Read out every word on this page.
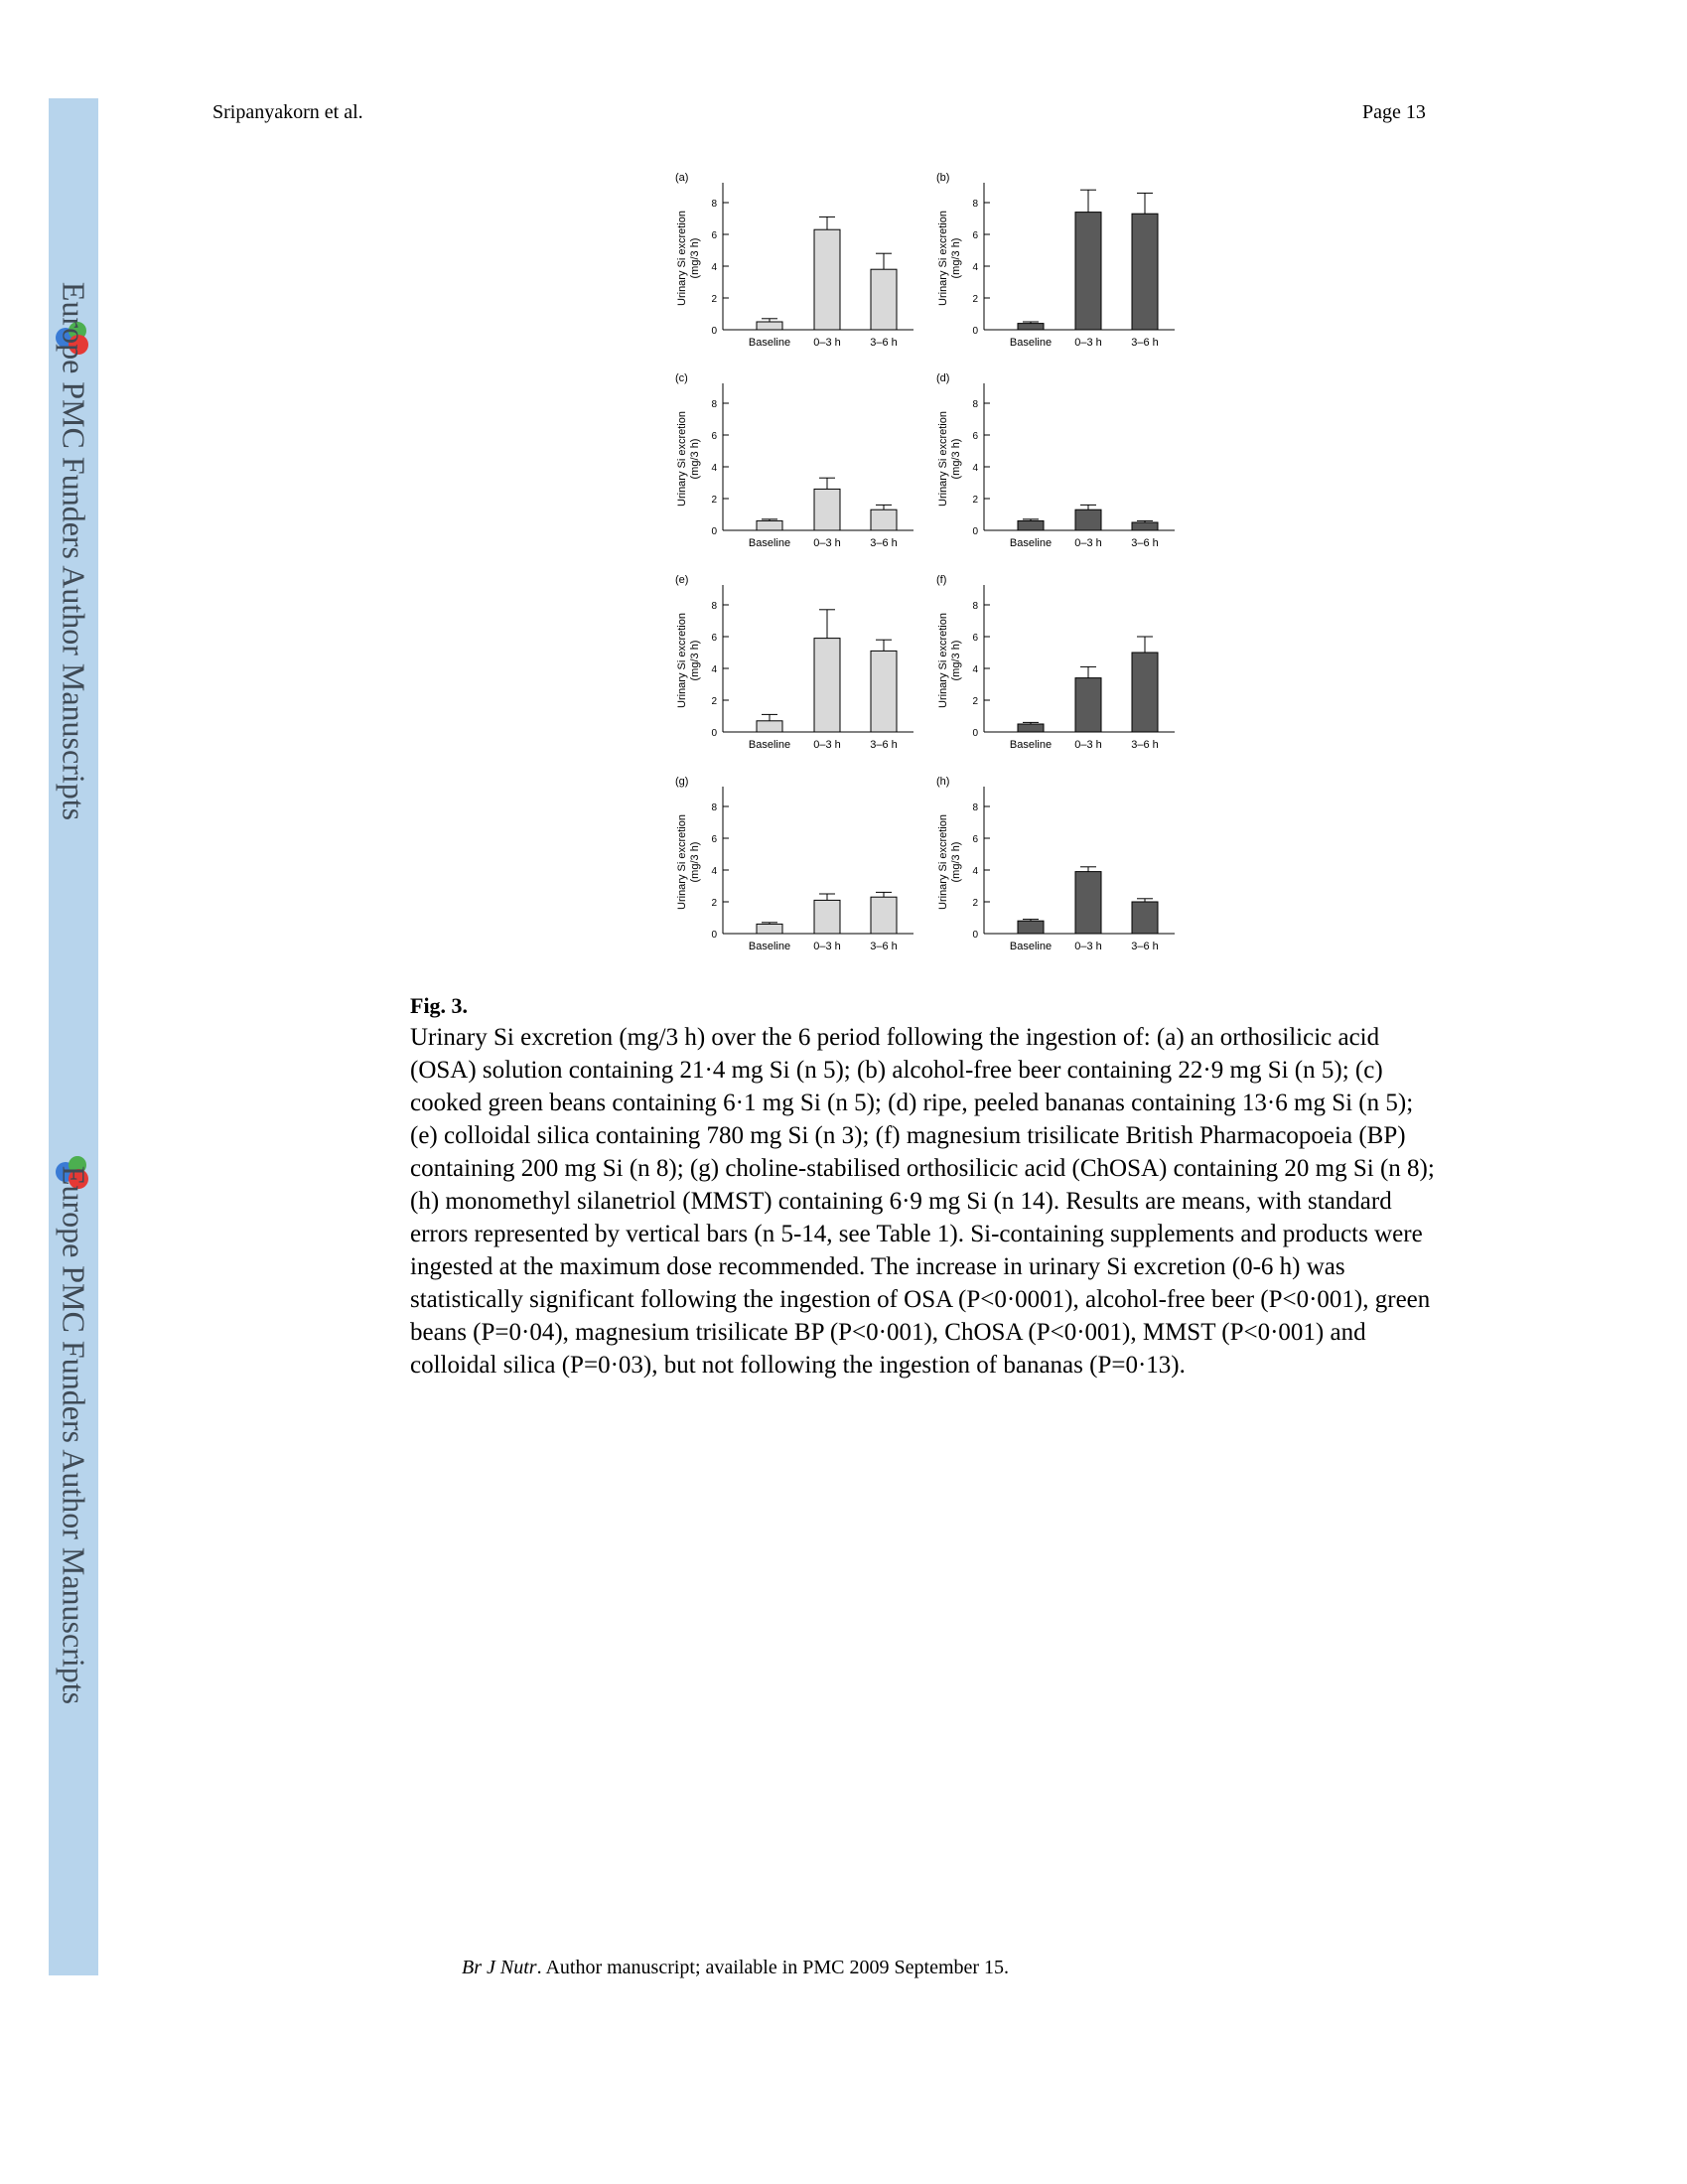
Europe PMC Funders Author Manuscripts
Europe PMC Funders Author Manuscripts
Sripanyakorn et al.	Page 13
(a)
Urinary Si excretion (mg/3 h)
0
2
4
6
8
Baseline 0–3 h	3–6 h
(b)
Urinary Si excretion (mg/3 h)
0
2
4
6
8
Baseline 0–3 h	3–6 h
(c)
Urinary Si excretion (mg/3 h)
0
2
4
6
8
Baseline 0–3 h	3–6 h
(d)
Urinary Si excretion (mg/3 h)
0
2
4
6
8
Baseline 0–3 h	3–6 h
(e)
Urinary Si excretion (mg/3 h)
0
2
4
6
8
Baseline 0–3 h	3–6 h
(f)
Urinary Si excretion (mg/3 h)
0
2
4
6
8
Baseline 0–3 h	3–6 h
(g)
Urinary Si excretion (mg/3 h)
0
2
4
6
8
Baseline 0–3 h	3–6 h
(h)
Urinary Si excretion (mg/3 h)
0
2
4
6
8
Baseline 0–3 h	3–6 h
Fig. 3.

Urinary Si excretion (mg/3 h) over the 6 period following the ingestion of: (a) an orthosilicic acid (OSA) solution containing 21·4 mg Si (n 5); (b) alcohol-free beer containing 22·9 mg Si (n 5); (c) cooked green beans containing 6·1 mg Si (n 5); (d) ripe, peeled bananas containing 13·6 mg Si (n 5); (e) colloidal silica containing 780 mg Si (n 3); (f) magnesium trisilicate British Pharmacopoeia (BP) containing 200 mg Si (n 8); (g) choline-stabilised orthosilicic acid (ChOSA) containing 20 mg Si (n 8); (h) monomethyl silanetriol (MMST) containing 6·9 mg Si (n 14). Results are means, with standard errors represented by vertical bars (n 5-14, see Table 1). Si-containing supplements and products were ingested at the maximum dose recommended. The increase in urinary Si excretion (0-6 h) was statistically significant following the ingestion of OSA (P<0·0001), alcohol-free beer (P<0·001), green beans (P=0·04), magnesium trisilicate BP (P<0·001), ChOSA (P<0·001), MMST (P<0·001) and colloidal silica (P=0·03), but not following the ingestion of bananas (P=0·13).

Br J Nutr. Author manuscript; available in PMC 2009 September 15.
